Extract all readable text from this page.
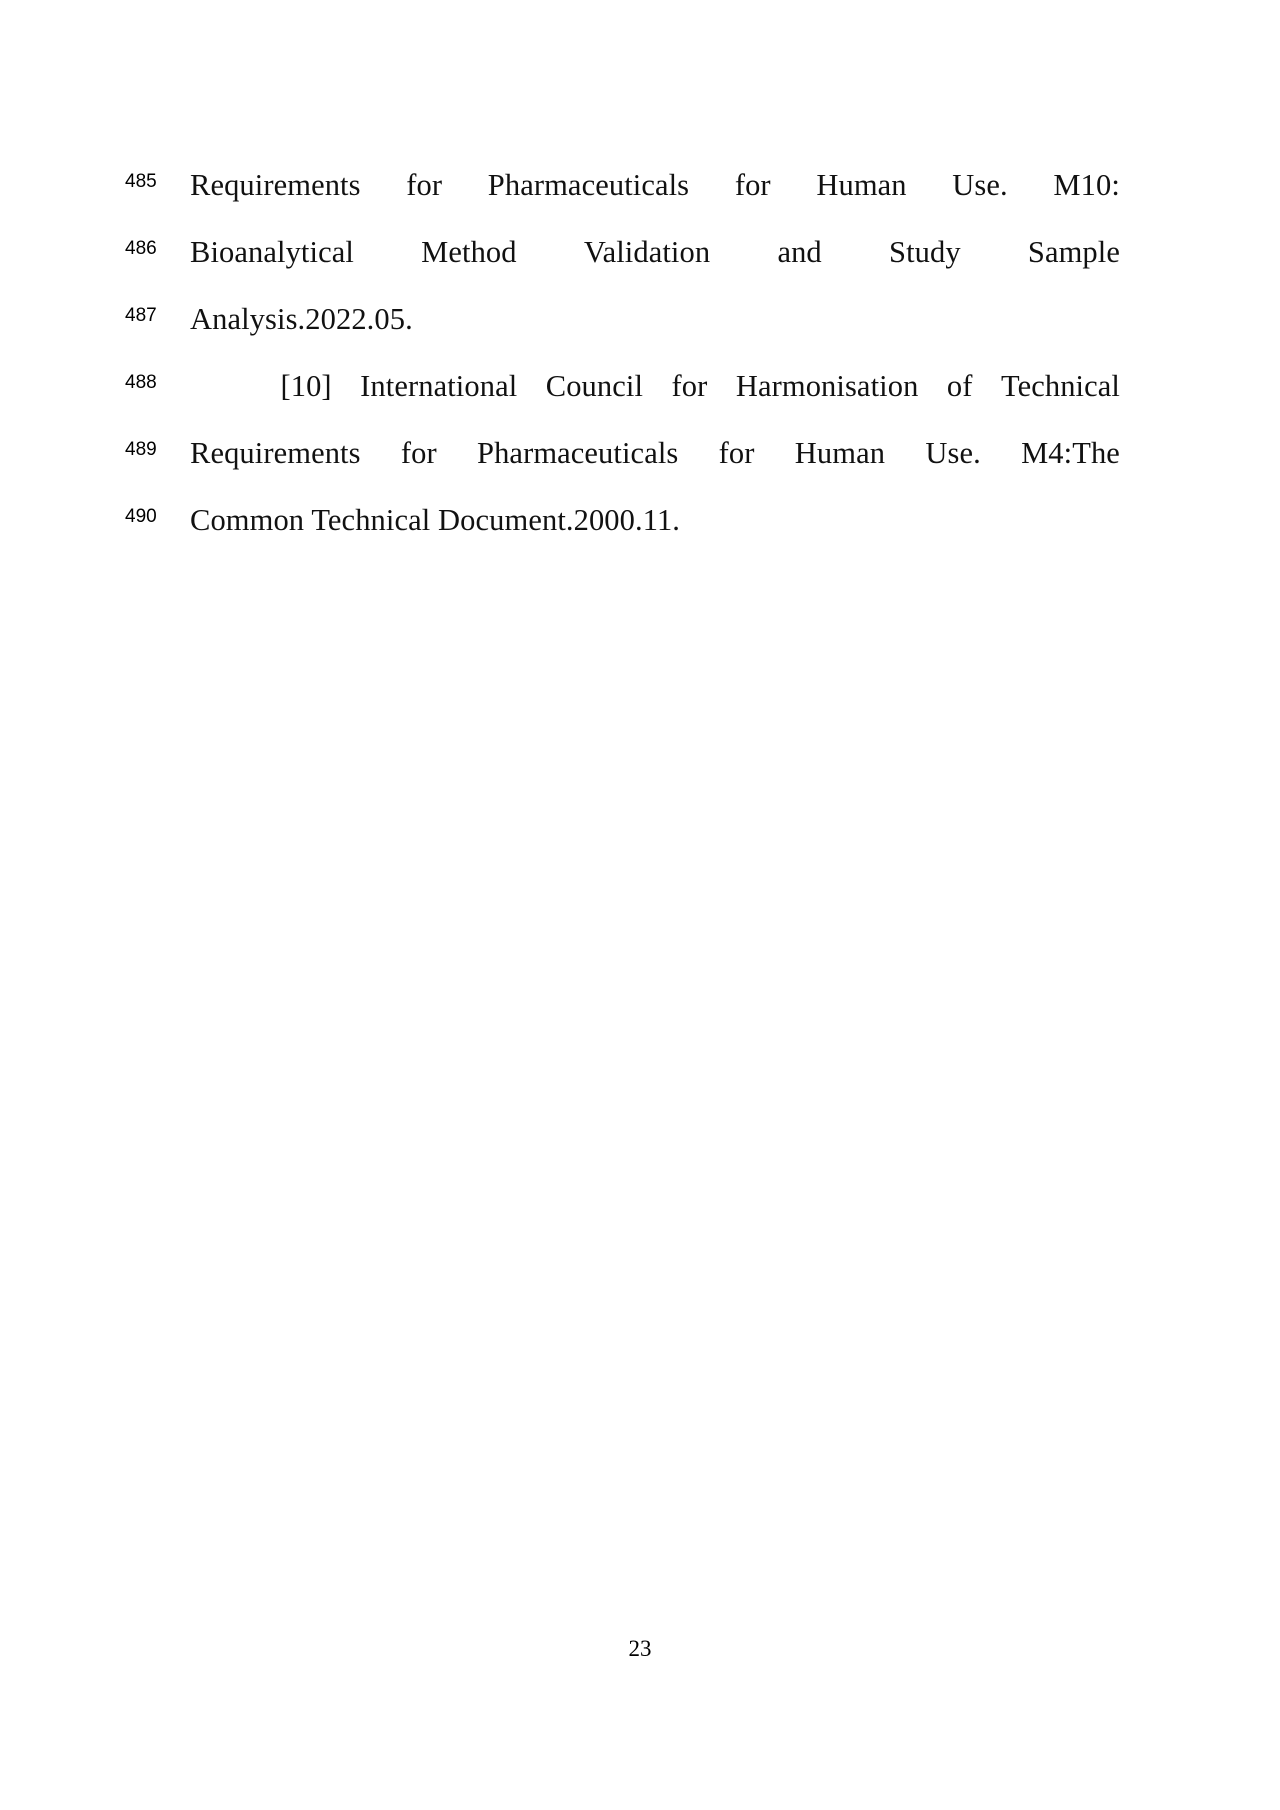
485	Requirements for Pharmaceuticals for Human Use. M10:
486	Bioanalytical Method Validation and Study Sample
487	Analysis.2022.05.
488	[10] International Council for Harmonisation of Technical
489	Requirements for Pharmaceuticals for Human Use. M4:The
490	Common Technical Document.2000.11.
23
